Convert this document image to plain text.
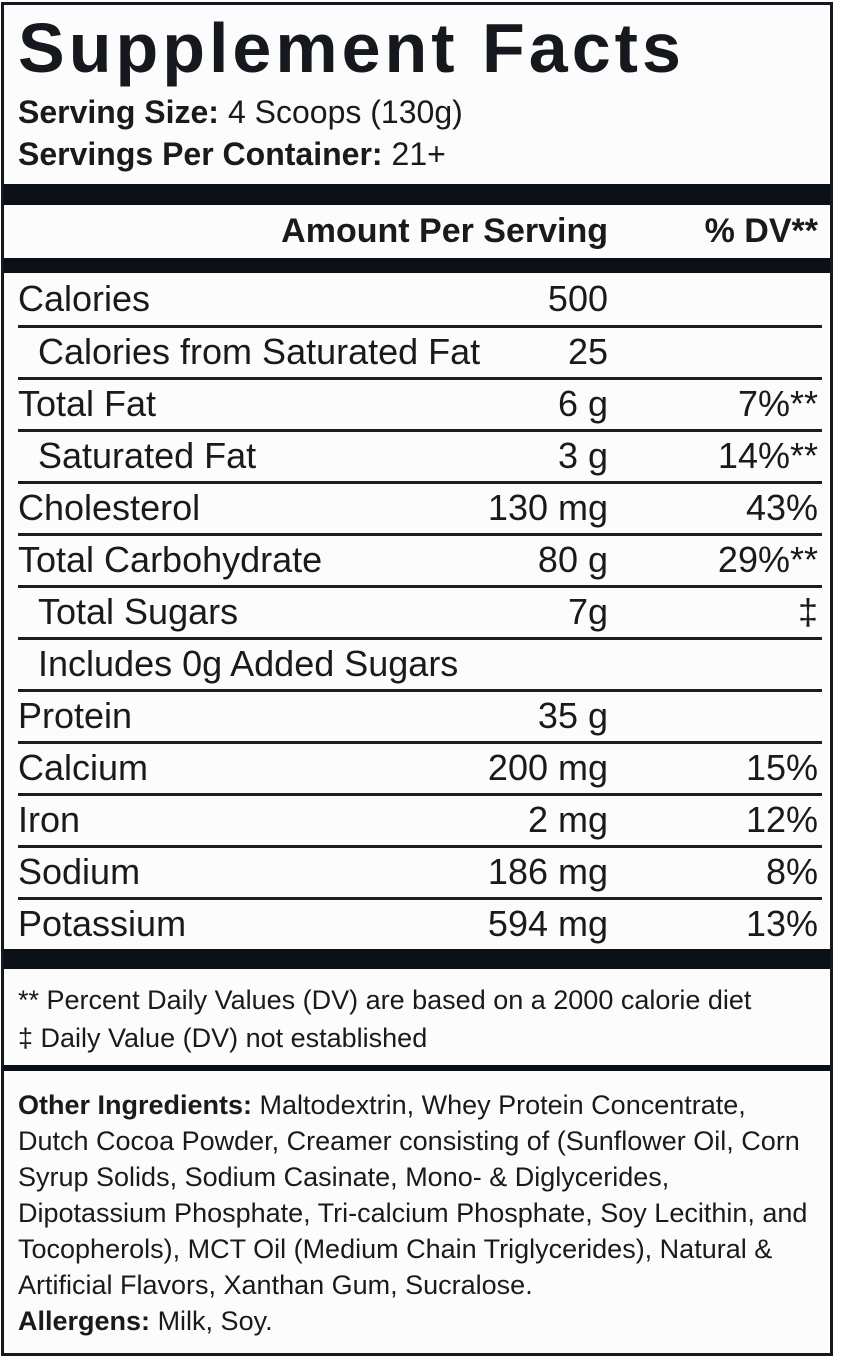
Supplement Facts
Serving Size: 4 Scoops (130g)
Servings Per Container: 21+
Amount Per Serving	% DV**
Calories	500
Calories from Saturated Fat 25
Total Fat	6 g	7%**
Saturated Fat	3 g	14%**
Cholesterol	130 mg	43%
Total Carbohydrate	80 g	29%**
Total Sugars	7g	‡
Includes 0g Added Sugars
Protein	35 g
Calcium	200 mg	15%
Iron	2 mg	12%
Sodium	186 mg	8%
Potassium	594 mg	13%
** Percent Daily Values (DV) are based on a 2000 calorie diet
‡ Daily Value (DV) not established
Other Ingredients: Maltodextrin, Whey Protein Concentrate, Dutch Cocoa Powder, Creamer consisting of (Sunflower Oil, Corn Syrup Solids, Sodium Casinate, Mono- & Diglycerides, Dipotassium Phosphate, Tri-calcium Phosphate, Soy Lecithin, and Tocopherols), MCT Oil (Medium Chain Triglycerides), Natural & Artificial Flavors, Xanthan Gum, Sucralose.
Allergens: Milk, Soy.
